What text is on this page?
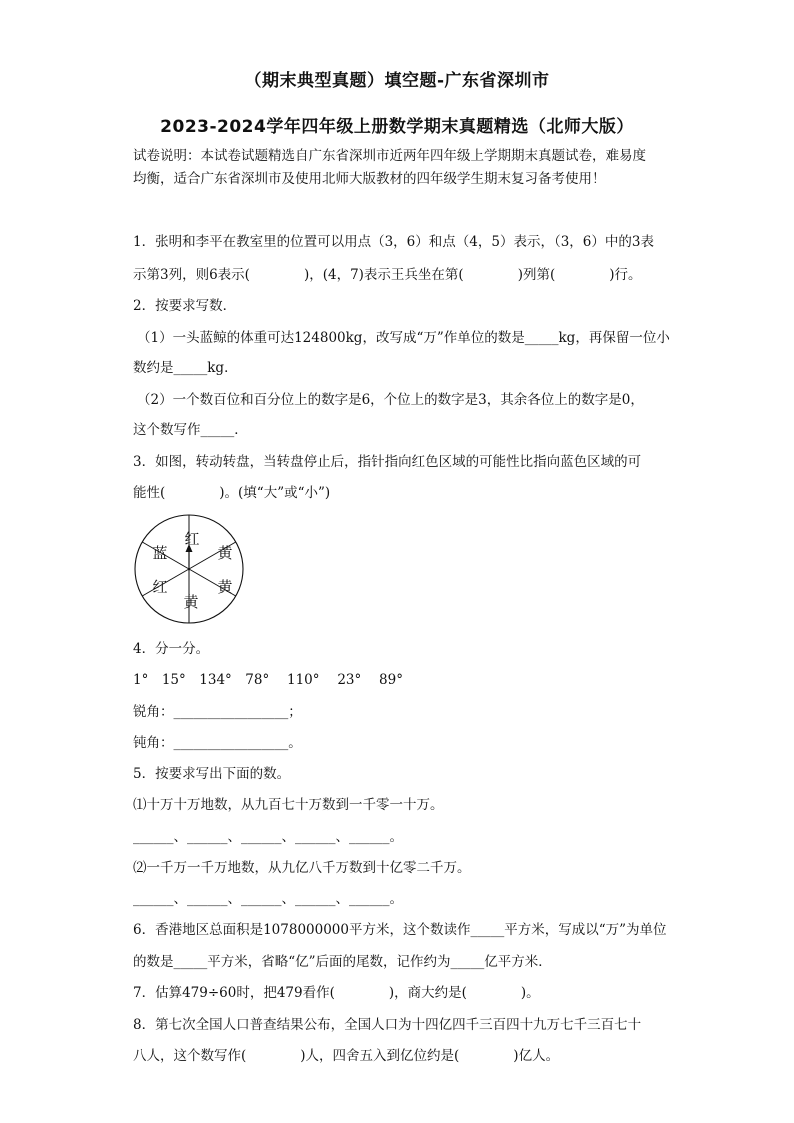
（期末典型真题）填空题-广东省深圳市
2023-2024学年四年级上册数学期末真题精选（北师大版）
试卷说明：本试卷试题精选自广东省深圳市近两年四年级上学期期末真题试卷，难易度
均衡，适合广东省深圳市及使用北师大版教材的四年级学生期末复习备考使用！
1．张明和李平在教室里的位置可以用点（3，6）和点（4，5）表示，（3，6）中的3表
示第3列，则6表示(　　　　)，(4，7)表示王兵坐在第(　　　　)列第(　　　　)行。
2．按要求写数．
（1）一头蓝鲸的体重可达124800kg，改写成“万”作单位的数是_____kg，再保留一位小
数约是_____kg．
（2）一个数百位和百分位上的数字是6，个位上的数字是3，其余各位上的数字是0，
这个数写作_____．
3．如图，转动转盘，当转盘停止后，指针指向红色区域的可能性比指向蓝色区域的可
能性(　　　　)。(填“大”或“小”)
红
黄
黄
黄
红
蓝
4．分一分。
1°　15°　134°　78°　 110°　 23°　 89°
锐角：_________________；
钝角：_________________。
5．按要求写出下面的数。
⑴十万十万地数，从九百七十万数到一千零一十万。
______、______、______、______、______。
⑵一千万一千万地数，从九亿八千万数到十亿零二千万。
______、______、______、______、______。
6．香港地区总面积是1078000000平方米，这个数读作_____平方米，写成以“万”为单位
的数是_____平方米，省略“亿”后面的尾数，记作约为_____亿平方米．
7．估算479÷60时，把479看作(　　　　)，商大约是(　　　　)。
8．第七次全国人口普查结果公布，全国人口为十四亿四千三百四十九万七千三百七十
八人，这个数写作(　　　　)人，四舍五入到亿位约是(　　　　)亿人。
